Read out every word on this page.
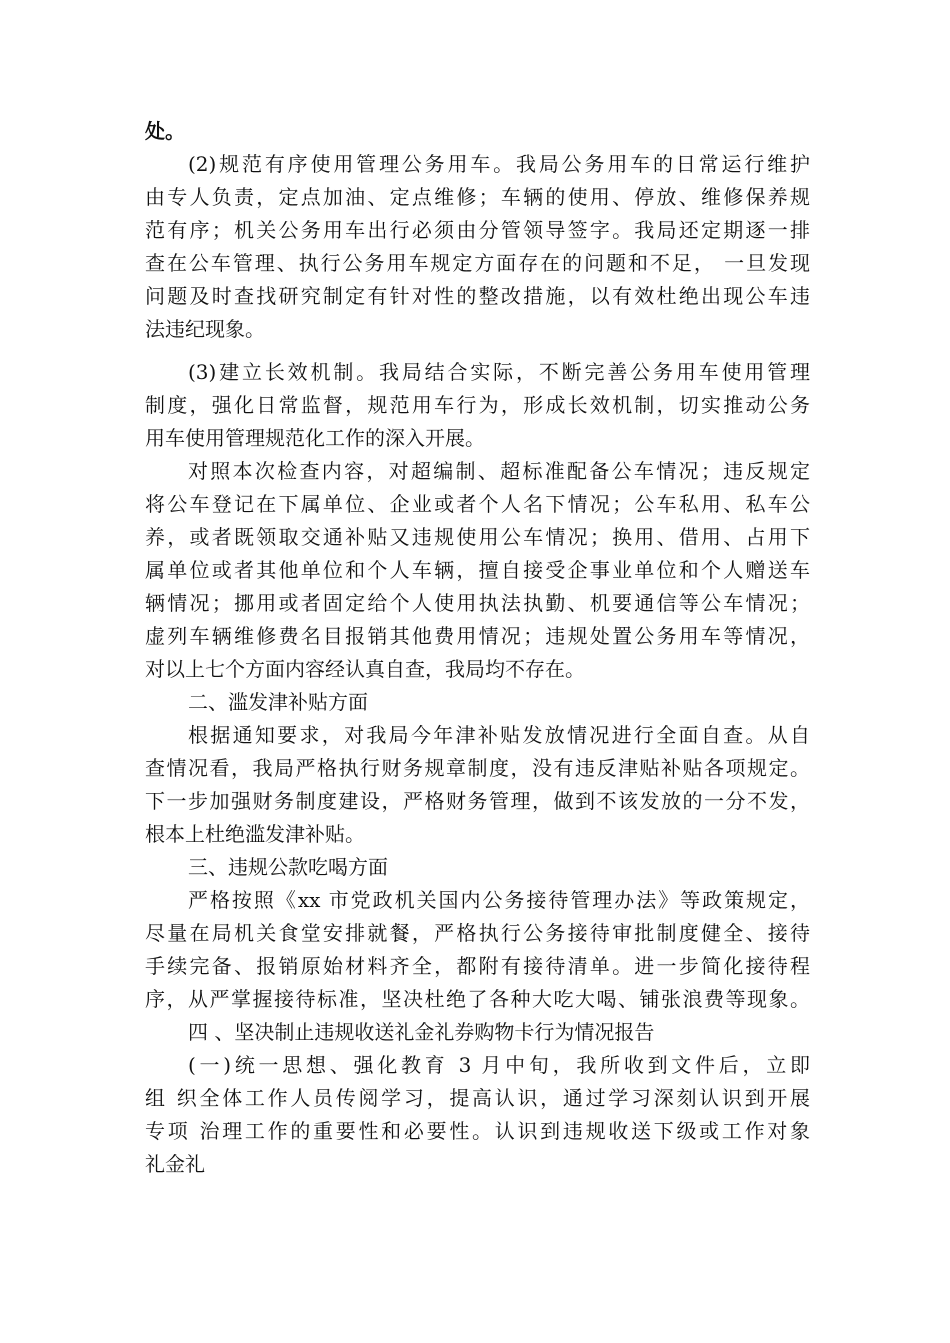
处。
(2)规范有序使用管理公务用车。我局公务用车的日常运行维护
由专人负责，定点加油、定点维修；车辆的使用、停放、维修保养规
范有序；机关公务用车出行必须由分管领导签字。我局还定期逐一排
查在公车管理、执行公务用车规定方面存在的问题和不足， 一旦发现
问题及时查找研究制定有针对性的整改措施，以有效杜绝出现公车违
法违纪现象。
(3)建立长效机制。我局结合实际，不断完善公务用车使用管理
制度，强化日常监督，规范用车行为，形成长效机制，切实推动公务
用车使用管理规范化工作的深入开展。
对照本次检查内容，对超编制、超标准配备公车情况；违反规定
将公车登记在下属单位、企业或者个人名下情况；公车私用、私车公
养，或者既领取交通补贴又违规使用公车情况；换用、借用、占用下
属单位或者其他单位和个人车辆，擅自接受企事业单位和个人赠送车
辆情况；挪用或者固定给个人使用执法执勤、机要通信等公车情况；
虚列车辆维修费名目报销其他费用情况；违规处置公务用车等情况，
对以上七个方面内容经认真自查，我局均不存在。
二、滥发津补贴方面
根据通知要求，对我局今年津补贴发放情况进行全面自查。从自
查情况看，我局严格执行财务规章制度，没有违反津贴补贴各项规定。
下一步加强财务制度建设，严格财务管理，做到不该发放的一分不发，
根本上杜绝滥发津补贴。
三、违规公款吃喝方面
严格按照《xx 市党政机关国内公务接待管理办法》等政策规定，
尽量在局机关食堂安排就餐，严格执行公务接待审批制度健全、接待
手续完备、报销原始材料齐全，都附有接待清单。进一步简化接待程
序，从严掌握接待标准，坚决杜绝了各种大吃大喝、铺张浪费等现象。
四 、坚决制止违规收送礼金礼券购物卡行为情况报告
(一)统一思想、强化教育 3 月中旬，我所收到文件后，立即
组 织全体工作人员传阅学习，提高认识，通过学习深刻认识到开展
专项 治理工作的重要性和必要性。认识到违规收送下级或工作对象
礼金礼
